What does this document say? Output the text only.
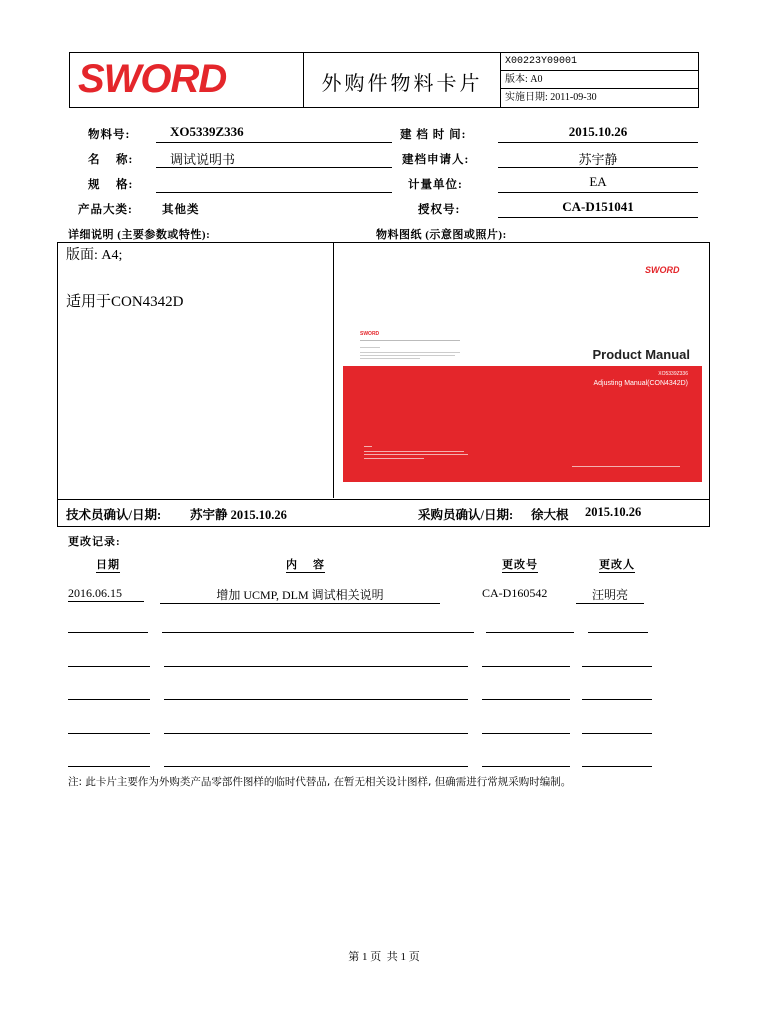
SWORD	外购件物料卡片
X00223Y09001
版本: A0
实施日期: 2011-09-30
物料号:	XO5339Z336
名    称:	调试说明书
规    格:
产品大类:	其他类
建 档 时 间:	2015.10.26
建档申请人:	苏宇静
计量单位:	EA
授权号:	CA-D151041
详细说明 (主要参数或特性):	物料图纸 (示意图或照片):
版面: A4;
适用于CON4342D
SWORD
SWORD
Product Manual
XO5339Z336
Adjusting Manual(CON4342D)
技术员确认/日期: 苏宇静 2015.10.26	采购员确认/日期: 徐大根 2015.10.26
更改记录:
日期	内    容	更改号	更改人
2016.06.15	增加 UCMP, DLM 调试相关说明	CA-D160542	汪明亮
注: 此卡片主要作为外购类产品零部件图样的临时代替品, 在暂无相关设计图样, 但确需进行常规采购时编制。
第 1 页  共 1 页
